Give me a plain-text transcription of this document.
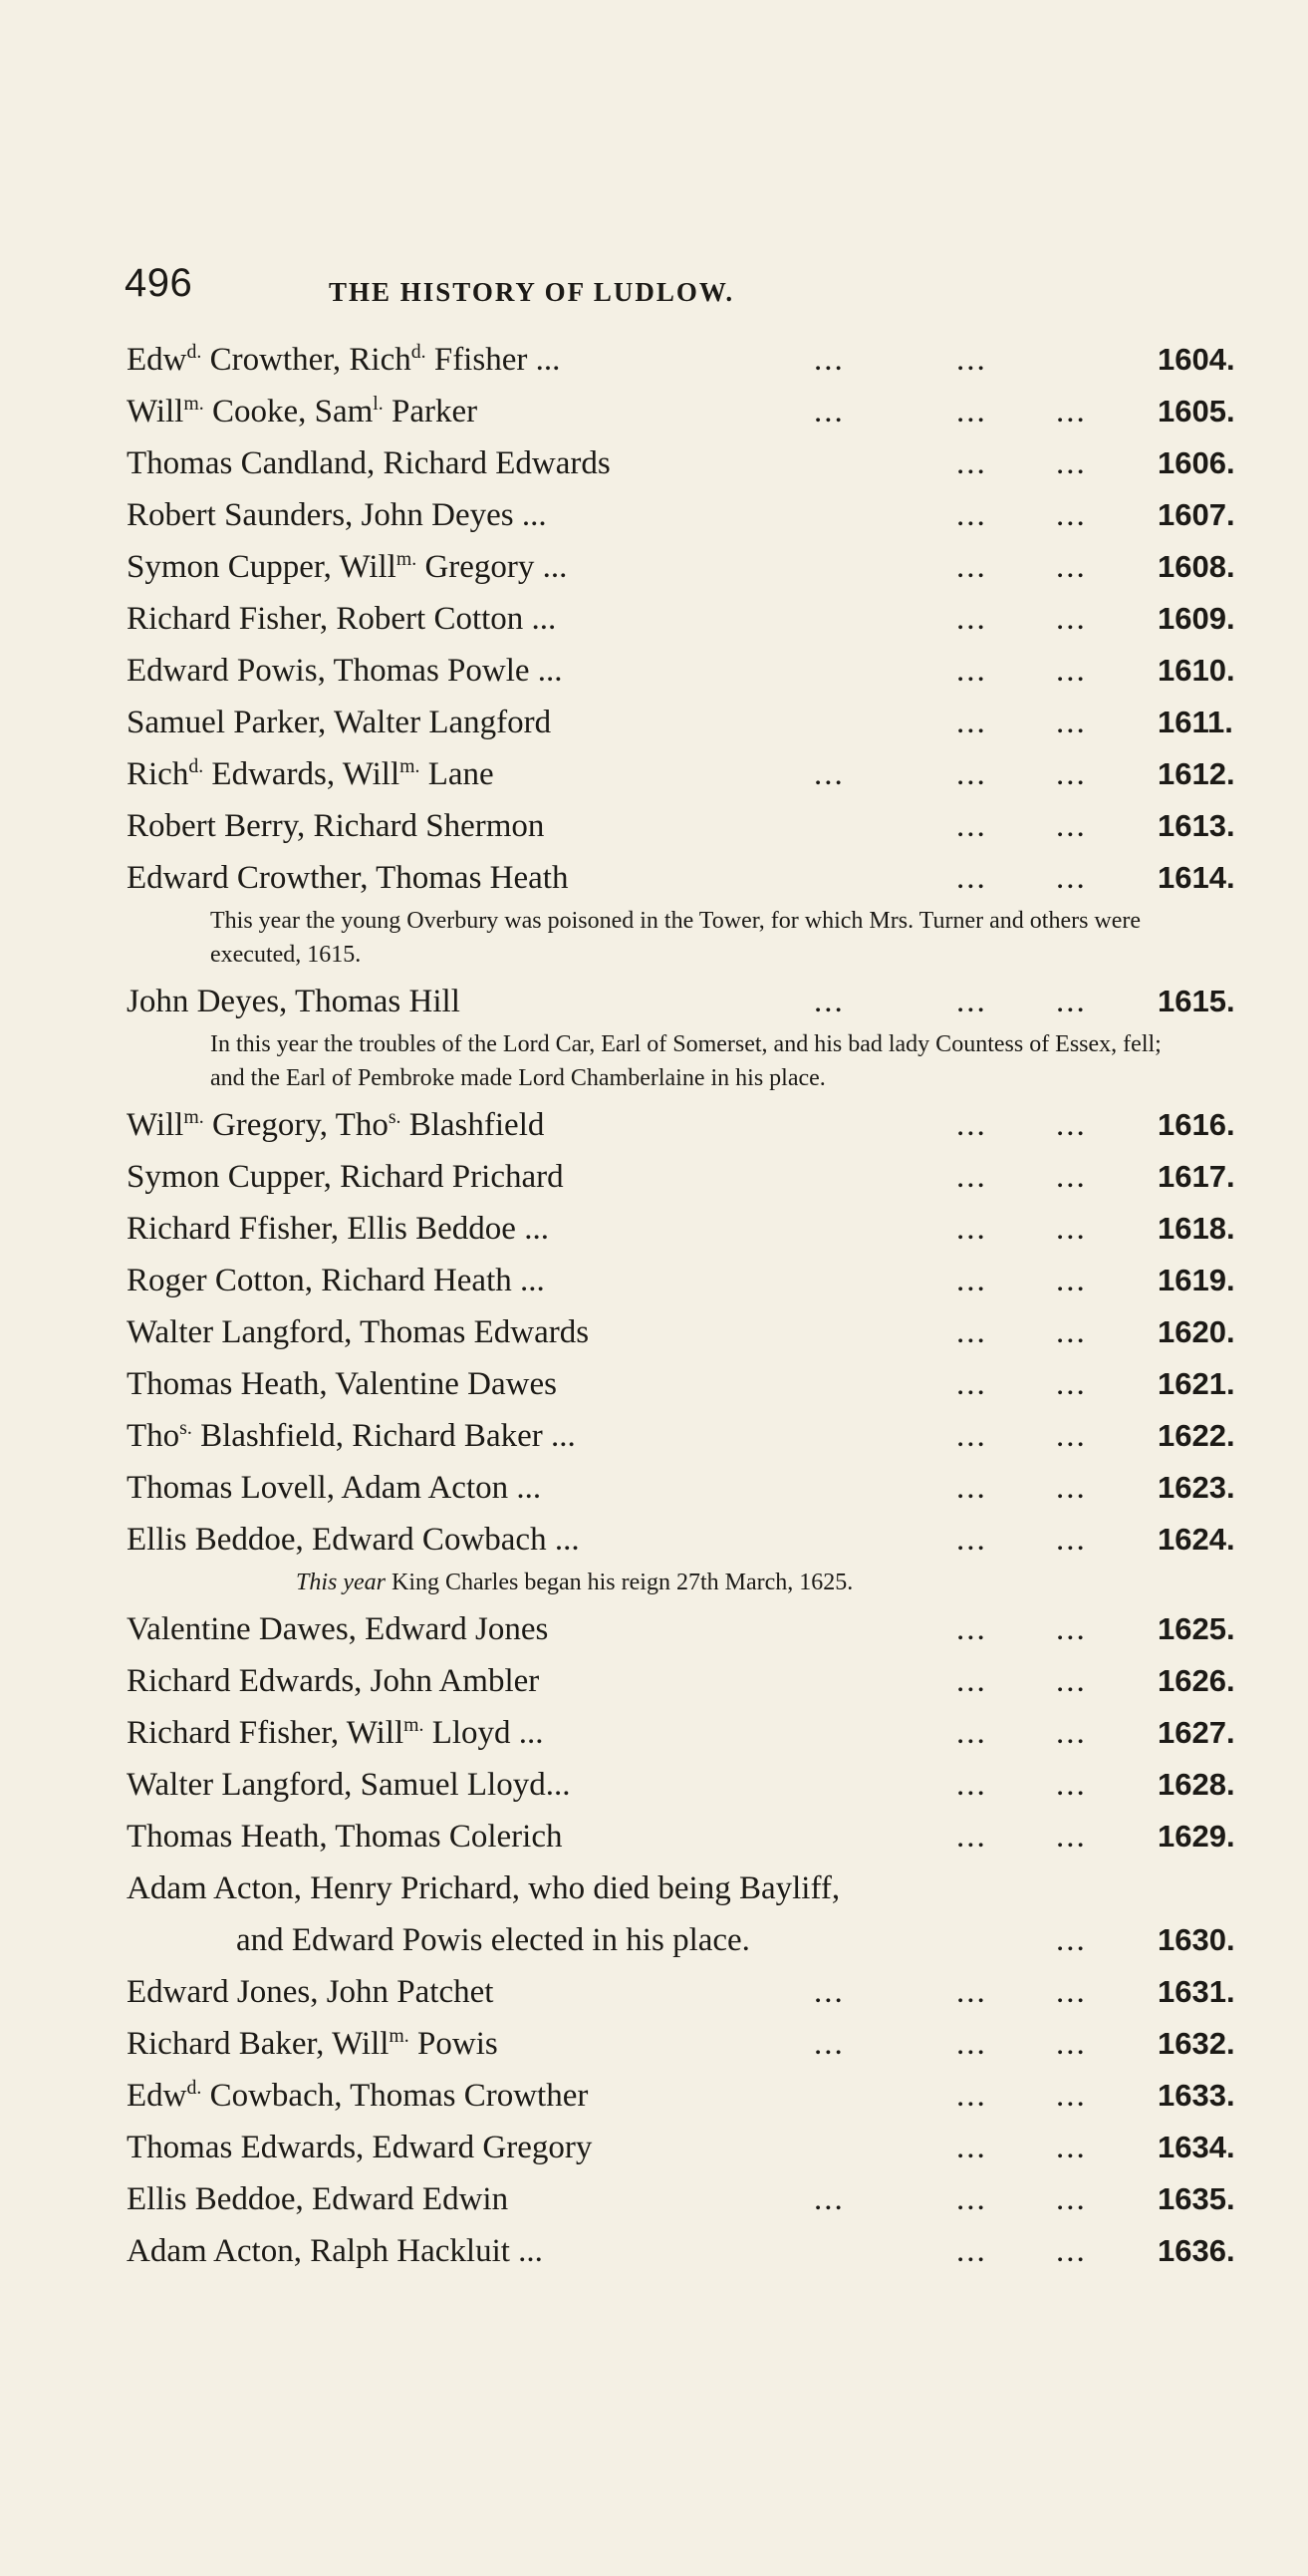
496	THE HISTORY OF LUDLOW.
Edw$^{d.}$ Crowther, Rich$^{d.}$ Ffisher ...	...	...	1604.
Will$^{m.}$ Cooke, Sam$^{l.}$ Parker	...	... ... 1605.
Thomas Candland, Richard Edwards	... ... 1606.
Robert Saunders, John Deyes ...	... ... 1607.
Symon Cupper, Will$^{m.}$ Gregory ...	... ... 1608.
Richard Fisher, Robert Cotton ...	... ... 1609.
Edward Powis, Thomas Powle ...	... ... 1610.
Samuel Parker, Walter Langford	... ... 1611.
Rich$^{d.}$ Edwards, Will$^{m.}$ Lane	...	... ... 1612.
Robert Berry, Richard Shermon	... ... 1613.
Edward Crowther, Thomas Heath	... ... 1614.

This year the young Overbury was poisoned in the Tower, for which Mrs. Turner and others were executed, 1615.

John Deyes, Thomas Hill	...	... ... 1615.

In this year the troubles of the Lord Car, Earl of Somerset, and his bad lady Countess of Essex, fell; and the Earl of Pembroke made Lord Chamberlaine in his place.

Will$^{m.}$ Gregory, Tho$^{s.}$ Blashfield	... ... 1616.
Symon Cupper, Richard Prichard	... ... 1617.
Richard Ffisher, Ellis Beddoe ...	... ... 1618.
Roger Cotton, Richard Heath ...	... ... 1619.
Walter Langford, Thomas Edwards	... ... 1620.
Thomas Heath, Valentine Dawes	... ... 1621.
Tho$^{s.}$ Blashfield, Richard Baker ...	... ... 1622.
Thomas Lovell, Adam Acton ...	... ... 1623.
Ellis Beddoe, Edward Cowbach ...	... ... 1624.

This year King Charles began his reign 27th March, 1625.

Valentine Dawes, Edward Jones	... ... 1625.
Richard Edwards, John Ambler	... ... 1626.
Richard Ffisher, Will$^{m.}$ Lloyd ...	... ... 1627.
Walter Langford, Samuel Lloyd...	... ... 1628.
Thomas Heath, Thomas Colerich	... ... 1629.
Adam Acton, Henry Prichard, who died being Bayliff,
and Edward Powis elected in his place.	... 1630.
Edward Jones, John Patchet	...	... ... 1631.
Richard Baker, Will$^{m.}$ Powis	...	... ... 1632.
Edw$^{d.}$ Cowbach, Thomas Crowther	... ... 1633.
Thomas Edwards, Edward Gregory	... ... 1634.
Ellis Beddoe, Edward Edwin	...	... ... 1635.
Adam Acton, Ralph Hackluit ...	... ... 1636.
